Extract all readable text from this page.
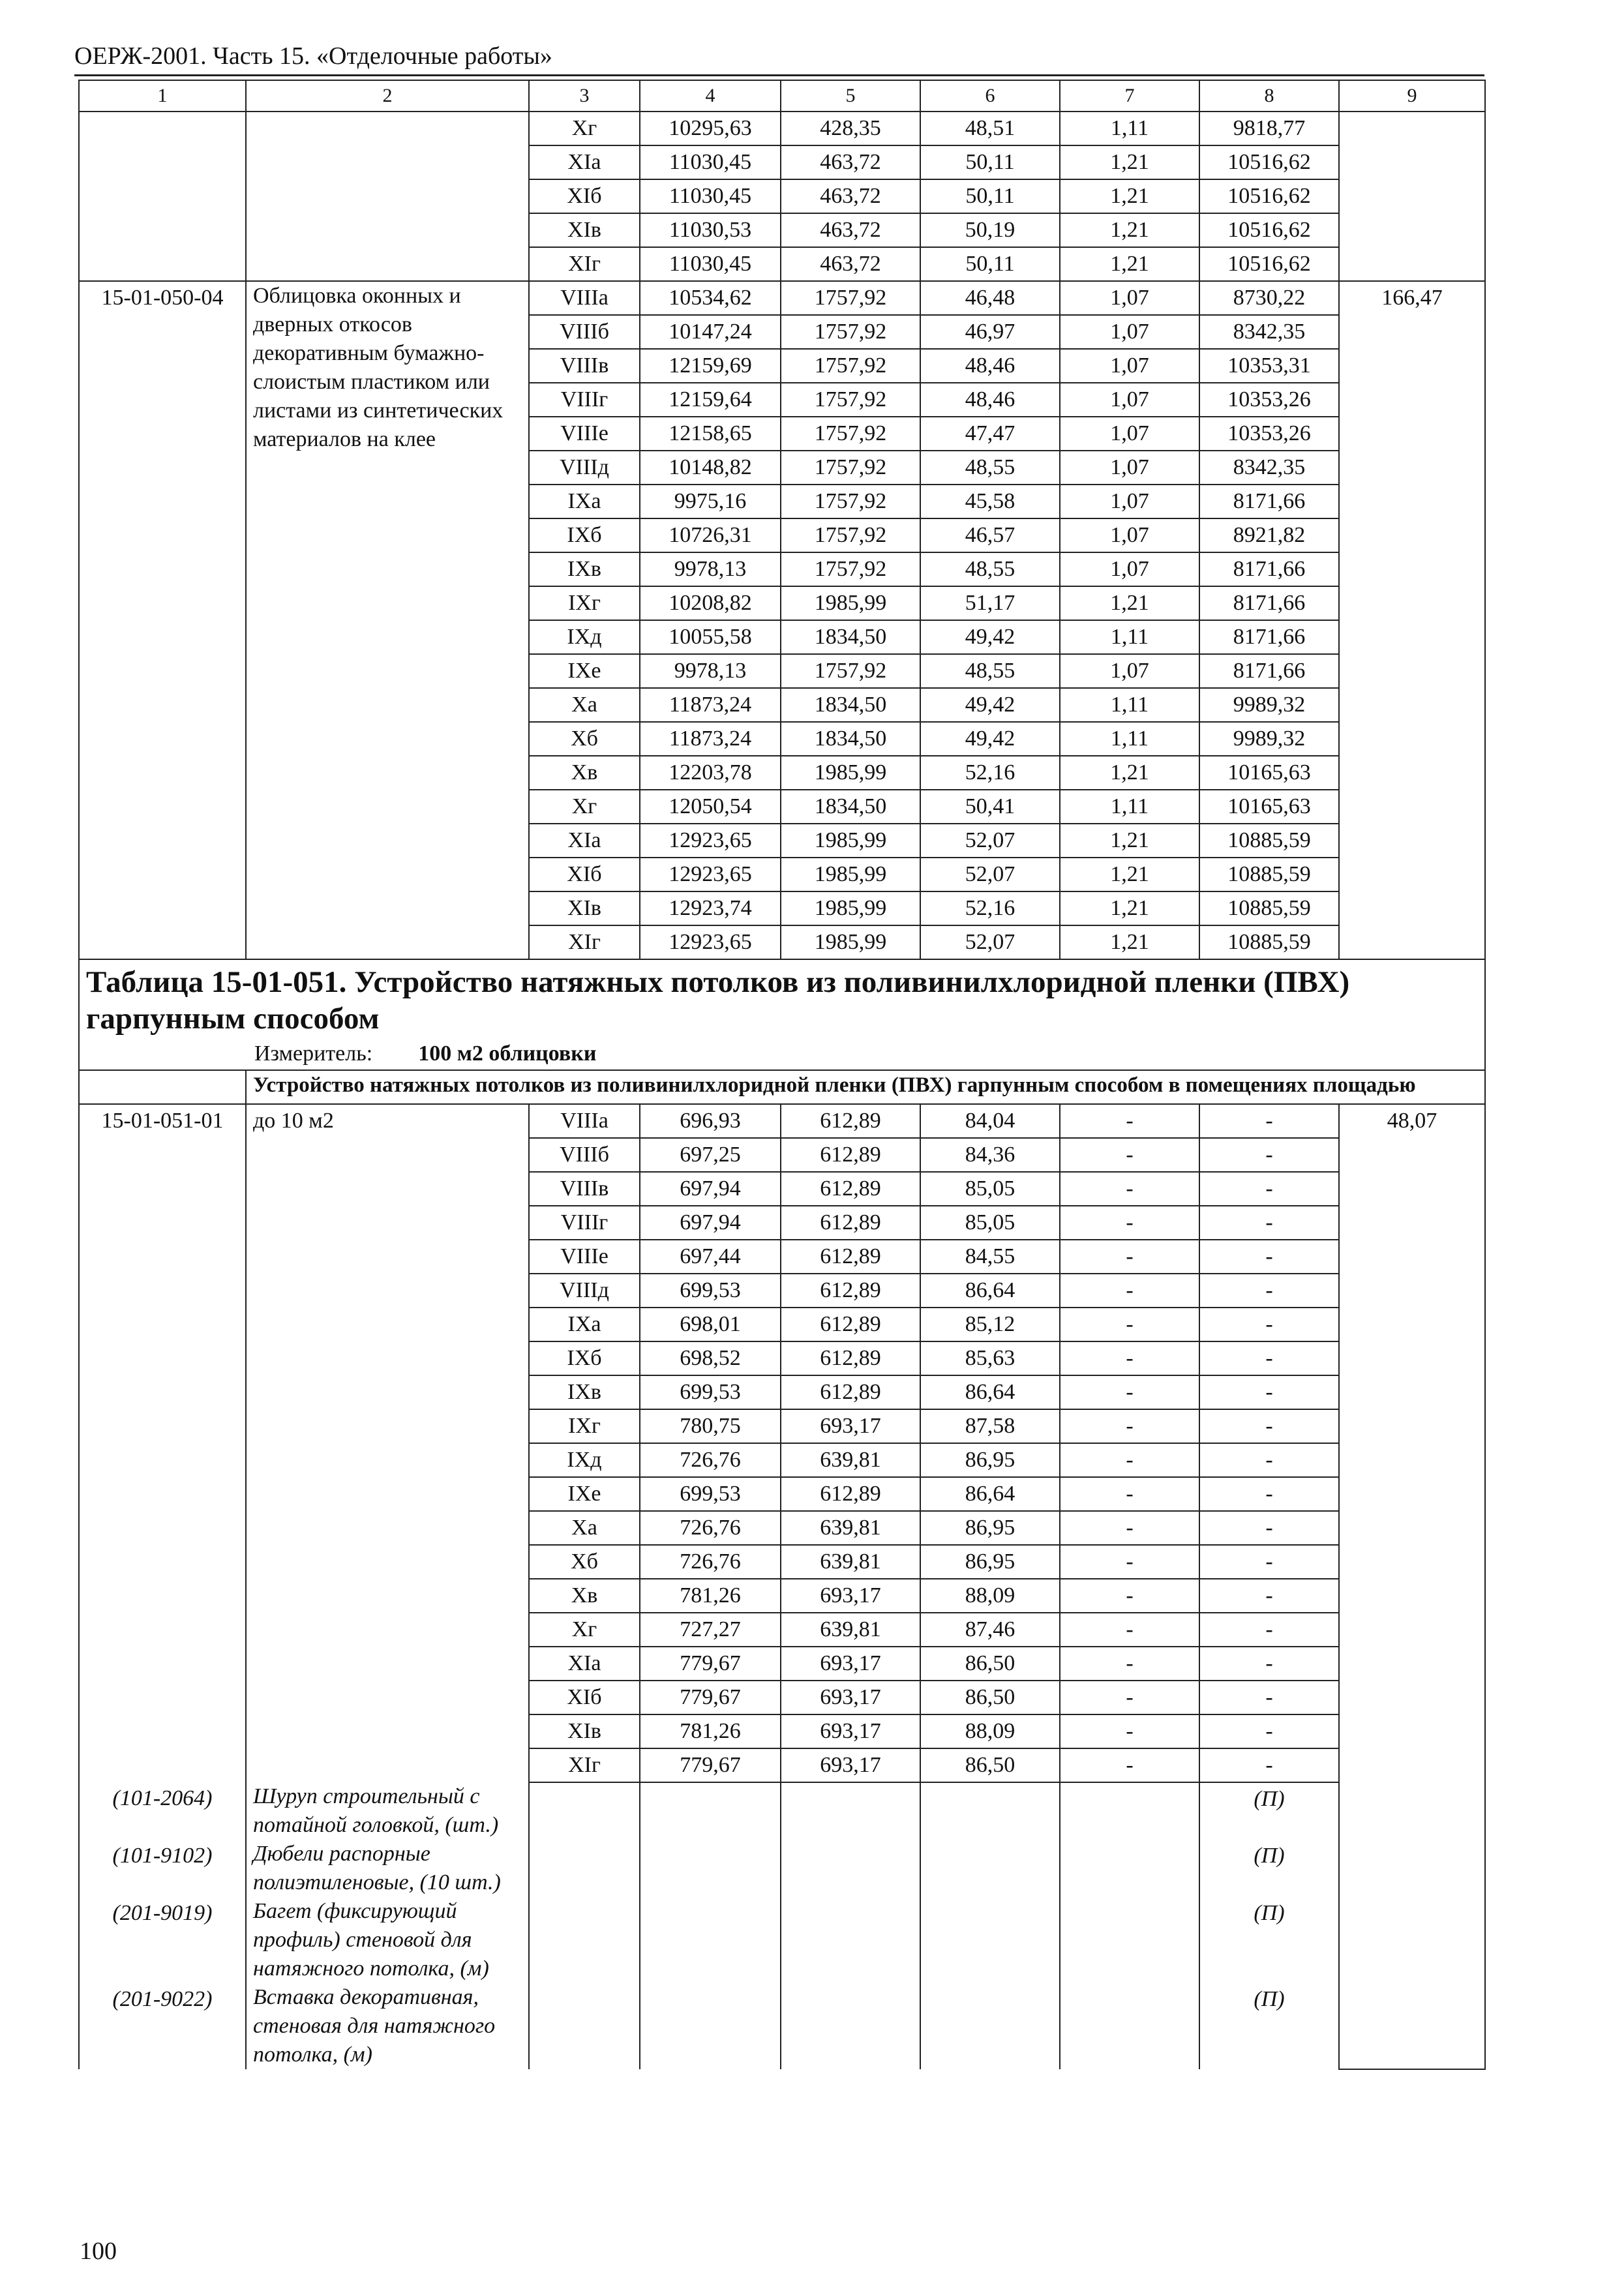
ОЕРЖ-2001. Часть 15. «Отделочные работы»
1	2	3	4	5	6	7	8	9
		Xг	10295,63	428,35	48,51	1,11	9818,77	
		XIа	11030,45	463,72	50,11	1,21	10516,62	
		XIб	11030,45	463,72	50,11	1,21	10516,62	
		XIв	11030,53	463,72	50,19	1,21	10516,62	
		XIг	11030,45	463,72	50,11	1,21	10516,62	
15-01-050-04	Облицовка оконных и дверных откосов декоративным бумажно-слоистым пластиком или листами из синтетических материалов на клее	VIIIа	10534,62	1757,92	46,48	1,07	8730,22	166,47
		VIIIб	10147,24	1757,92	46,97	1,07	8342,35	
		VIIIв	12159,69	1757,92	48,46	1,07	10353,31	
		VIIIг	12159,64	1757,92	48,46	1,07	10353,26	
		VIIIе	12158,65	1757,92	47,47	1,07	10353,26	
		VIIIд	10148,82	1757,92	48,55	1,07	8342,35	
		IXа	9975,16	1757,92	45,58	1,07	8171,66	
		IXб	10726,31	1757,92	46,57	1,07	8921,82	
		IXв	9978,13	1757,92	48,55	1,07	8171,66	
		IXг	10208,82	1985,99	51,17	1,21	8171,66	
		IXд	10055,58	1834,50	49,42	1,11	8171,66	
		IXе	9978,13	1757,92	48,55	1,07	8171,66	
		Xа	11873,24	1834,50	49,42	1,11	9989,32	
		Xб	11873,24	1834,50	49,42	1,11	9989,32	
		Xв	12203,78	1985,99	52,16	1,21	10165,63	
		Xг	12050,54	1834,50	50,41	1,11	10165,63	
		XIа	12923,65	1985,99	52,07	1,21	10885,59	
		XIб	12923,65	1985,99	52,07	1,21	10885,59	
		XIв	12923,74	1985,99	52,16	1,21	10885,59	
		XIг	12923,65	1985,99	52,07	1,21	10885,59	
Таблица 15-01-051. Устройство натяжных потолков из поливинилхлоридной пленки (ПВХ) гарпунным способом								
Измеритель: 100 м2 облицовки								
	Устройство натяжных потолков из поливинилхлоридной пленки (ПВХ) гарпунным способом в помещениях площадью							
15-01-051-01	до 10 м2	VIIIа	696,93	612,89	84,04	-	-	48,07
		VIIIб	697,25	612,89	84,36	-	-	
		VIIIв	697,94	612,89	85,05	-	-	
		VIIIг	697,94	612,89	85,05	-	-	
		VIIIе	697,44	612,89	84,55	-	-	
		VIIIд	699,53	612,89	86,64	-	-	
		IXа	698,01	612,89	85,12	-	-	
		IXб	698,52	612,89	85,63	-	-	
		IXв	699,53	612,89	86,64	-	-	
		IXг	780,75	693,17	87,58	-	-	
		IXд	726,76	639,81	86,95	-	-	
		IXе	699,53	612,89	86,64	-	-	
		Xа	726,76	639,81	86,95	-	-	
		Xб	726,76	639,81	86,95	-	-	
		Xв	781,26	693,17	88,09	-	-	
		Xг	727,27	639,81	87,46	-	-	
		XIа	779,67	693,17	86,50	-	-	
		XIб	779,67	693,17	86,50	-	-	
		XIв	781,26	693,17	88,09	-	-	
		XIг	779,67	693,17	86,50	-	-	
(101-2064)	Шуруп строительный с потайной головкой, (шт.)						(П)	
(101-9102)	Дюбели распорные полиэтиленовые, (10 шт.)						(П)	
(201-9019)	Багет (фиксирующий профиль) стеновой для натяжного потолка, (м)						(П)	
(201-9022)	Вставка декоративная, стеновая для натяжного потолка, (м)						(П)	
100
